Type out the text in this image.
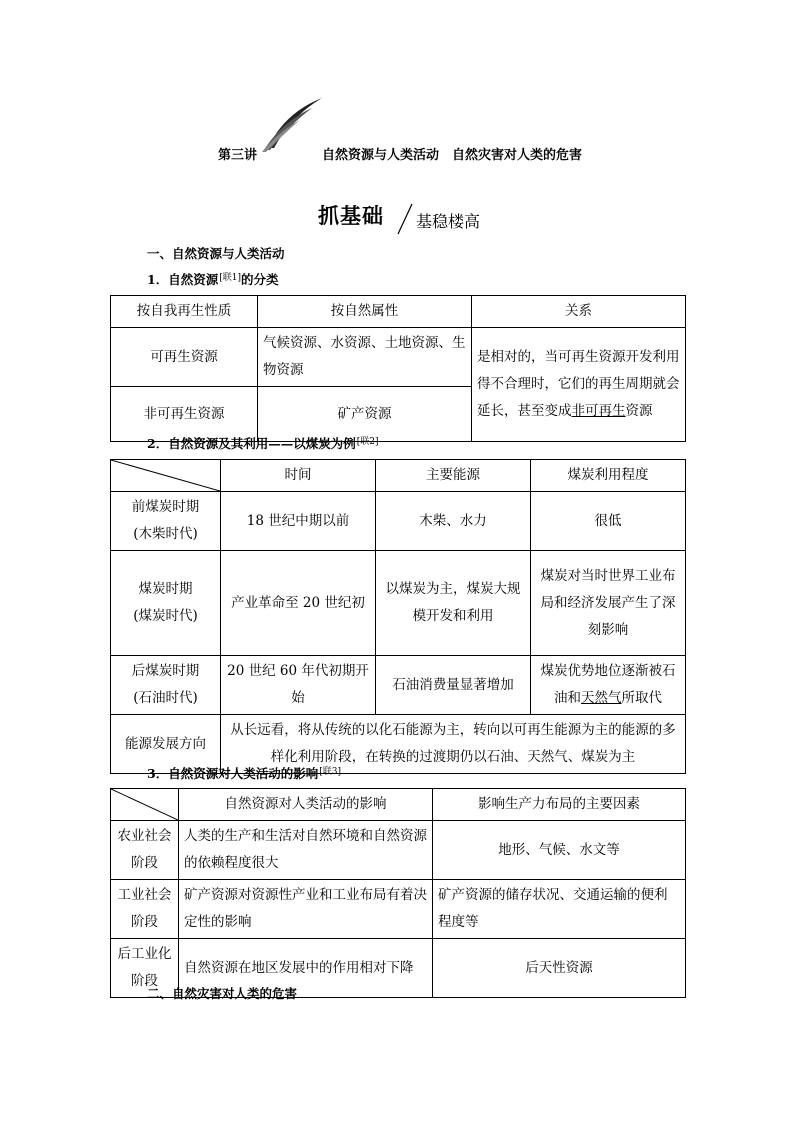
第三讲	自然资源与人类活动　自然灾害对人类的危害
抓基础 基稳楼高
一、自然资源与人类活动
1．自然资源[联1]的分类
按自我再生性质	按自然属性	关系
可再生资源	气候资源、水资源、土地资源、生物资源	是相对的，当可再生资源开发利用得不合理时，它们的再生周期就会延长，甚至变成非可再生资源
非可再生资源	矿产资源	
2．自然资源及其利用——以煤炭为例[联2]
	时间	主要能源	煤炭利用程度

前煤炭时期
(木柴时代)	18 世纪中期以前	木柴、水力	很低

煤炭时期
(煤炭时代)	产业革命至 20 世纪初	以煤炭为主，煤炭大规模开发和利用	煤炭对当时世界工业布局和经济发展产生了深刻影响

后煤炭时期
(石油时代)	20 世纪 60 年代初期开始	石油消费量显著增加	煤炭优势地位逐渐被石油和天然气所取代
能源发展方向	从长远看，将从传统的以化石能源为主，转向以可再生能源为主的能源的多样化利用阶段，在转换的过渡期仍以石油、天然气、煤炭为主		
3．自然资源对人类活动的影响[联3]
	自然资源对人类活动的影响	影响生产力布局的主要因素
农业社会阶段	人类的生产和生活对自然环境和自然资源的依赖程度很大	地形、气候、水文等
工业社会阶段	矿产资源对资源性产业和工业布局有着决定性的影响	矿产资源的储存状况、交通运输的便利程度等
后工业化阶段	自然资源在地区发展中的作用相对下降	后天性资源
二、自然灾害对人类的危害
